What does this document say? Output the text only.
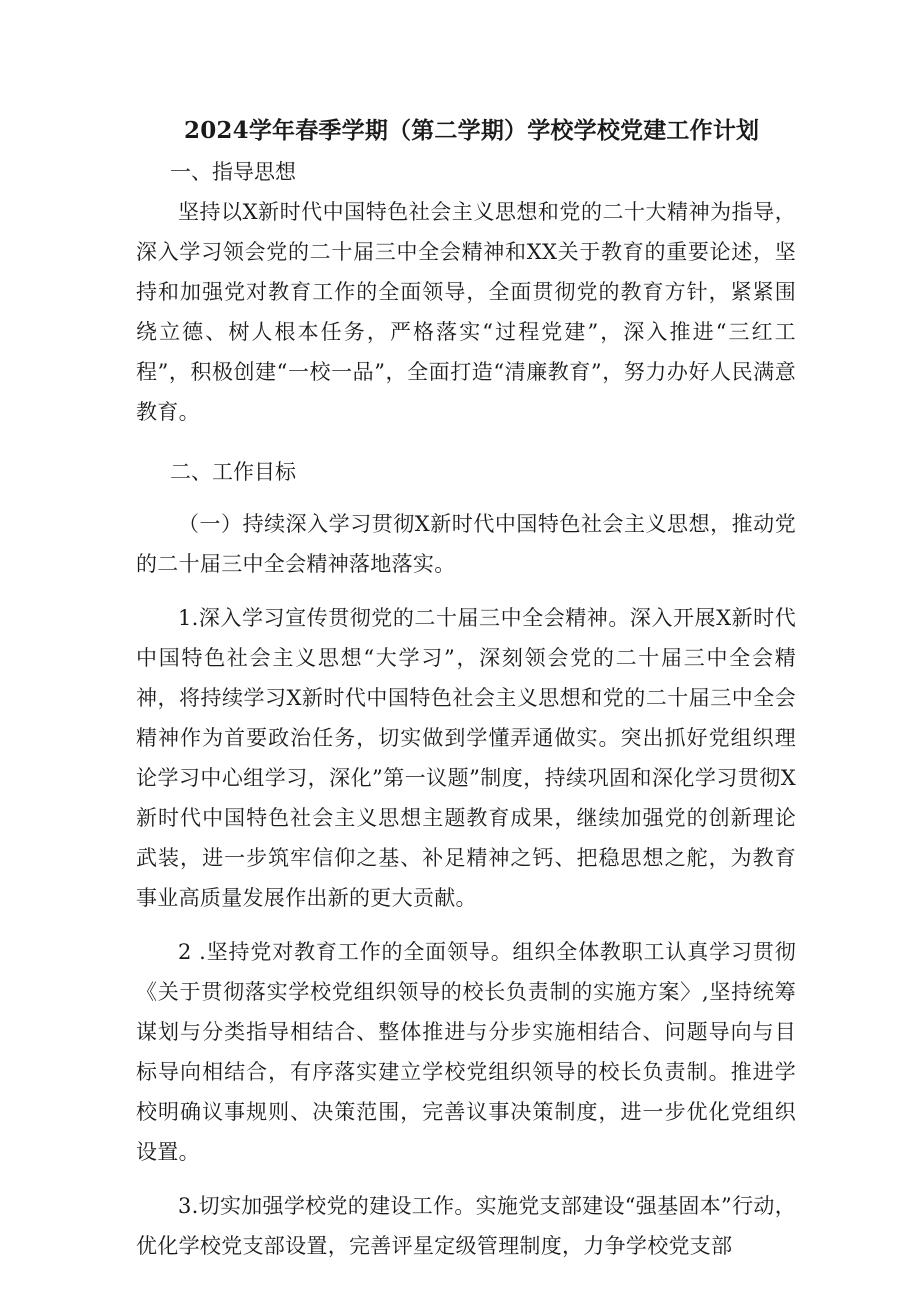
2024学年春季学期（第二学期）学校学校党建工作计划
一、指导思想

坚持以X新时代中国特色社会主义思想和党的二十大精神为指导，深入学习领会党的二十届三中全会精神和XX关于教育的重要论述，坚持和加强党对教育工作的全面领导，全面贯彻党的教育方针，紧紧围绕立德、树人根本任务，严格落实“过程党建”，深入推进“三红工程”，积极创建“一校一品”，全面打造“清廉教育”，努力办好人民满意教育。

二、工作目标

（一）持续深入学习贯彻X新时代中国特色社会主义思想，推动党的二十届三中全会精神落地落实。

1.深入学习宣传贯彻党的二十届三中全会精神。深入开展X新时代中国特色社会主义思想“大学习”，深刻领会党的二十届三中全会精神，将持续学习X新时代中国特色社会主义思想和党的二十届三中全会精神作为首要政治任务，切实做到学懂弄通做实。突出抓好党组织理论学习中心组学习，深化”第一议题”制度，持续巩固和深化学习贯彻X新时代中国特色社会主义思想主题教育成果，继续加强党的创新理论武装，进一步筑牢信仰之基、补足精神之钙、把稳思想之舵，为教育事业高质量发展作出新的更大贡献。

2 .坚持党对教育工作的全面领导。组织全体教职工认真学习贯彻《关于贯彻落实学校党组织领导的校长负责制的实施方案〉,坚持统筹谋划与分类指导相结合、整体推进与分步实施相结合、问题导向与目标导向相结合，有序落实建立学校党组织领导的校长负责制。推进学校明确议事规则、决策范围，完善议事决策制度，进一步优化党组织设置。

3.切实加强学校党的建设工作。实施党支部建设“强基固本”行动，优化学校党支部设置，完善评星定级管理制度，力争学校党支部
